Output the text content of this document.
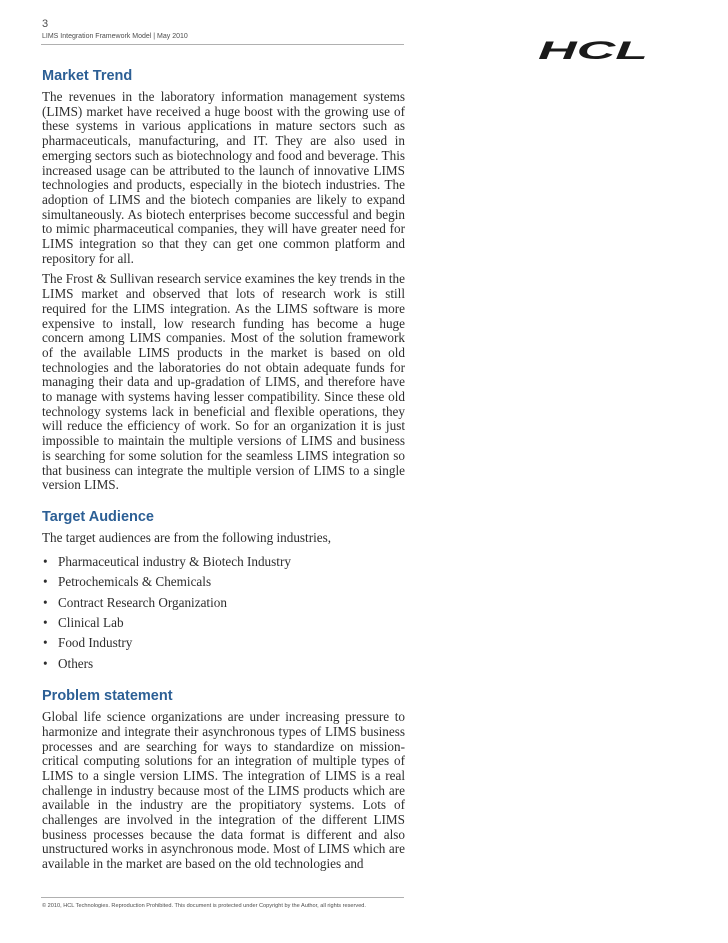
3
LIMS Integration Framework Model | May 2010
HCL
Market Trend

The revenues in the laboratory information management systems (LIMS) market have received a huge boost with the growing use of these systems in various applications in mature sectors such as pharmaceuticals, manufacturing, and IT. They are also used in emerging sectors such as biotechnology and food and beverage. This increased usage can be attributed to the launch of innovative LIMS technologies and products, especially in the biotech industries. The adoption of LIMS and the biotech companies are likely to expand simultaneously. As biotech enterprises become successful and begin to mimic pharmaceutical companies, they will have greater need for LIMS integration so that they can get one common platform and repository for all.

The Frost & Sullivan research service examines the key trends in the LIMS market and observed that lots of research work is still required for the LIMS integration. As the LIMS software is more expensive to install, low research funding has become a huge concern among LIMS companies. Most of the solution framework of the available LIMS products in the market is based on old technologies and the laboratories do not obtain adequate funds for managing their data and up-gradation of LIMS, and therefore have to manage with systems having lesser compatibility. Since these old technology systems lack in beneficial and flexible operations, they will reduce the efficiency of work. So for an organization it is just impossible to maintain the multiple versions of LIMS and business is searching for some solution for the seamless LIMS integration so that business can integrate the multiple version of LIMS to a single version LIMS.

Target Audience

The target audiences are from the following industries,

• Pharmaceutical industry & Biotech Industry
• Petrochemicals & Chemicals
• Contract Research Organization
• Clinical Lab
• Food Industry
• Others
Problem statement

Global life science organizations are under increasing pressure to harmonize and integrate their asynchronous types of LIMS business processes and are searching for ways to standardize on mission-critical computing solutions for an integration of multiple types of LIMS to a single version LIMS. The integration of LIMS is a real challenge in industry because most of the LIMS products which are available in the industry are the propitiatory systems. Lots of challenges are involved in the integration of the different LIMS business processes because the data format is different and also unstructured works in asynchronous mode. Most of LIMS which are available in the market are based on the old technologies and

© 2010, HCL Technologies. Reproduction Prohibited. This document is protected under Copyright by the Author, all rights reserved.
